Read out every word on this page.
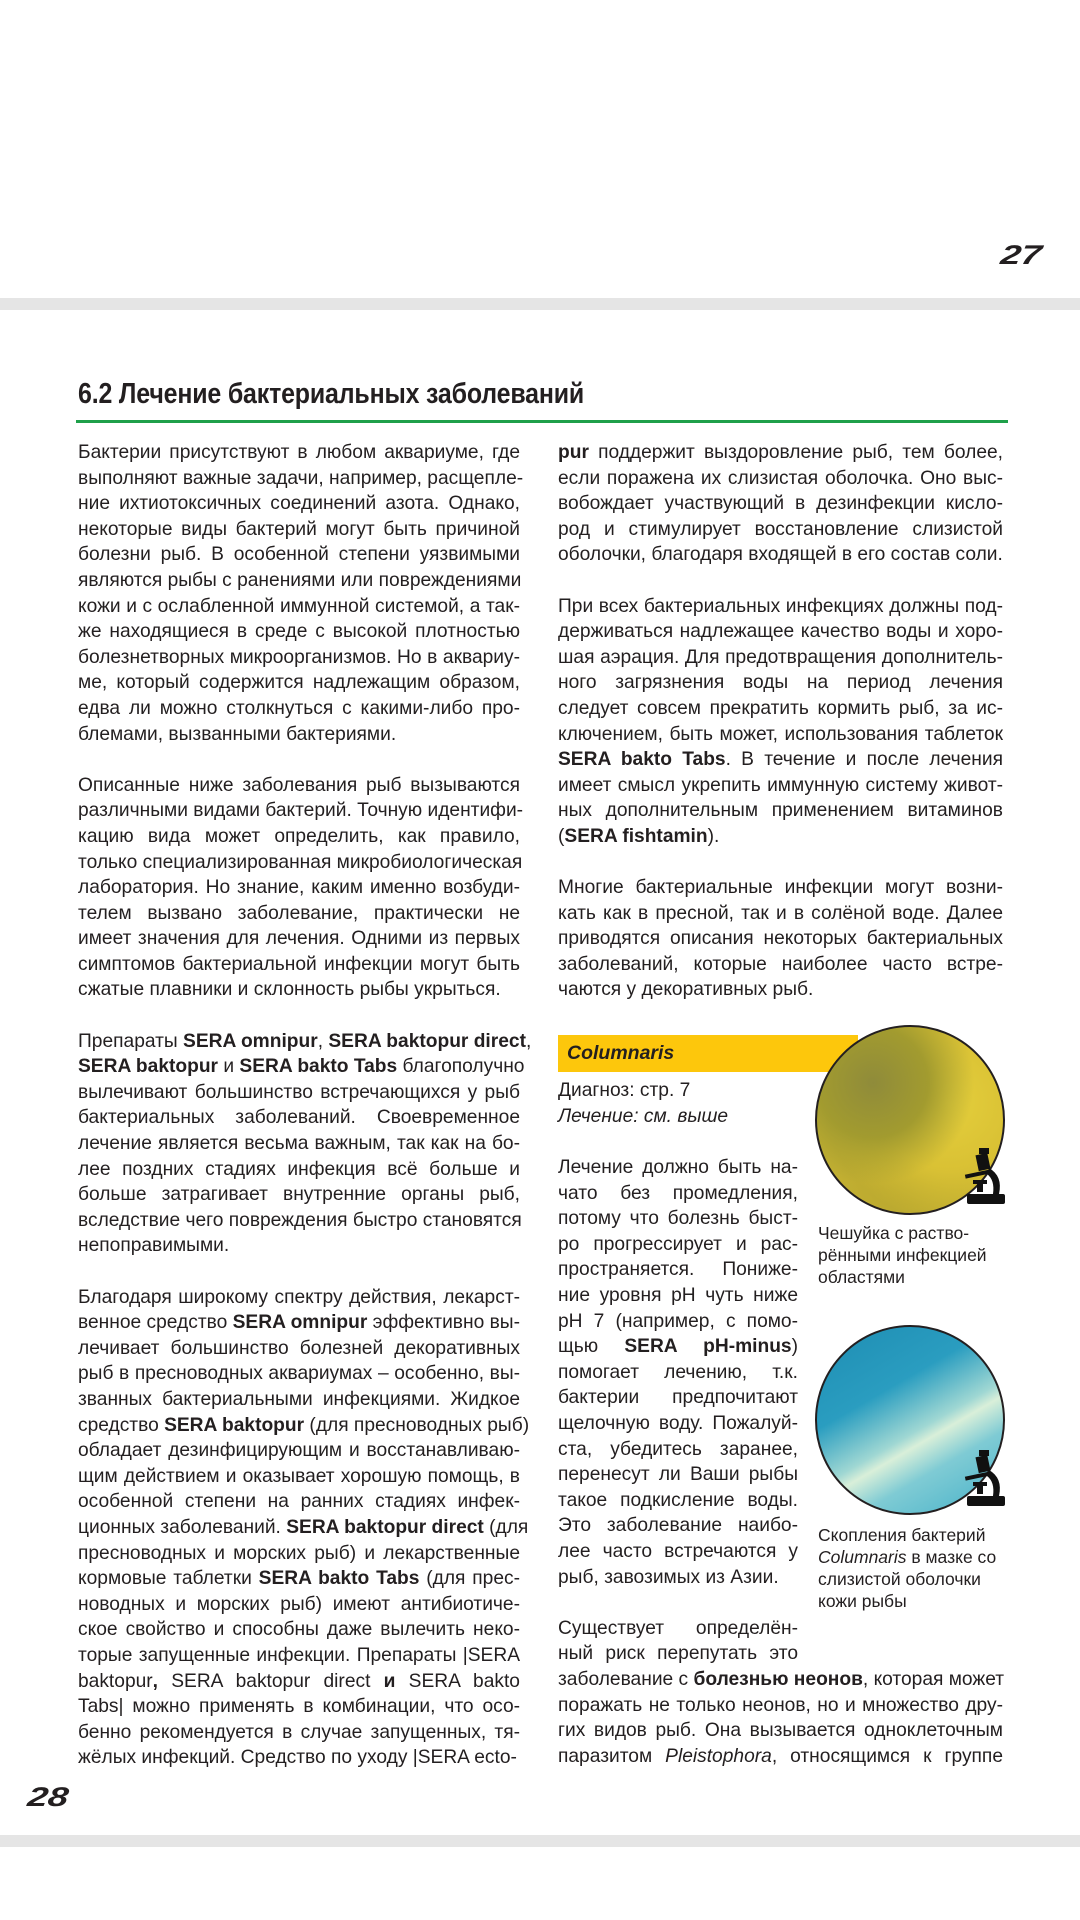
27
6.2 Лечение бактериальных заболеваний

Бактерии присутствуют в любом аквариуме, где
выполняют важные задачи, например, расщепле-
ние ихтиотоксичных соединений азота. Однако,
некоторые виды бактерий могут быть причиной
болезни рыб. В особенной степени уязвимыми
являются рыбы с ранениями или повреждениями
кожи и с ослабленной иммунной системой, а так-
же находящиеся в среде с высокой плотностью
болезнетворных микроорганизмов. Но в аквариу-
ме, который содержится надлежащим образом,
едва ли можно столкнуться с какими-либо про-
блемами, вызванными бактериями.

Описанные ниже заболевания рыб вызываются
различными видами бактерий. Точную идентифи-
кацию вида может определить, как правило,
только специализированная микробиологическая
лаборатория. Но знание, каким именно возбуди-
телем вызвано заболевание, практически не
имеет значения для лечения. Одними из первых
симптомов бактериальной инфекции могут быть
сжатые плавники и склонность рыбы укрыться.

Препараты SERA omnipur, SERA baktopur direct,
SERA baktopur и SERA bakto Tabs благополучно
вылечивают большинство встречающихся у рыб
бактериальных заболеваний. Своевременное
лечение является весьма важным, так как на бо-
лее поздних стадиях инфекция всё больше и
больше затрагивает внутренние органы рыб,
вследствие чего повреждения быстро становятся
непоправимыми.

Благодаря широкому спектру действия, лекарст-
венное средство SERA omnipur эффективно вы-
лечивает большинство болезней декоративных
рыб в пресноводных аквариумах – особенно, вы-
званных бактериальными инфекциями. Жидкое
средство SERA baktopur (для пресноводных рыб)
обладает дезинфицирующим и восстанавливаю-
щим действием и оказывает хорошую помощь, в
особенной степени на ранних стадиях инфек-
ционных заболеваний. SERA baktopur direct (для
пресноводных и морских рыб) и лекарственные
кормовые таблетки SERA bakto Tabs (для прес-
новодных и морских рыб) имеют антибиотиче-
ское свойство и способны даже вылечить неко-
торые запущенные инфекции. Препараты |SERA
baktopur, SERA baktopur direct и SERA bakto
Tabs| можно применять в комбинации, что осо-
бенно рекомендуется в случае запущенных, тя-
жёлых инфекций. Средство по уходу |SERA ecto-

pur поддержит выздоровление рыб, тем более,
если поражена их слизистая оболочка. Оно выс-
вобождает участвующий в дезинфекции кисло-
род и стимулирует восстановление слизистой
оболочки, благодаря входящей в его состав соли.

При всех бактериальных инфекциях должны под-
держиваться надлежащее качество воды и хоро-
шая аэрация. Для предотвращения дополнитель-
ного загрязнения воды на период лечения
следует совсем прекратить кормить рыб, за ис-
ключением, быть может, использования таблеток
SERA bakto Tabs. В течение и после лечения
имеет смысл укрепить иммунную систему живот-
ных дополнительным применением витаминов
(SERA fishtamin).

Многие бактериальные инфекции могут возни-
кать как в пресной, так и в солёной воде. Далее
приводятся описания некоторых бактериальных
заболеваний, которые наиболее часто встре-
чаются у декоративных рыб.

Columnaris
Диагноз: стр. 7
Лечение: см. выше

Лечение должно быть на-
чато без промедления,
потому что болезнь быст-
ро прогрессирует и рас-
пространяется. Пониже-
ние уровня pH чуть ниже
pH 7 (например, с помо-
щью SERA pH-minus)
помогает лечению, т.к.
бактерии предпочитают
щелочную воду. Пожалуй-
ста, убедитесь заранее,
перенесут ли Ваши рыбы
такое подкисление воды.
Это заболевание наибо-
лее часто встречаются у
рыб, завозимых из Азии.

Существует определён-
ный риск перепутать это

заболевание с болезнью неонов, которая может
поражать не только неонов, но и множество дру-
гих видов рыб. Она вызывается одноклеточным
паразитом Pleistophora, относящимся к группе
Чешуйка с раство-
рёнными инфекцией
областями
Скопления бактерий
Columnaris в мазке со
слизистой оболочки
кожи рыбы
28
